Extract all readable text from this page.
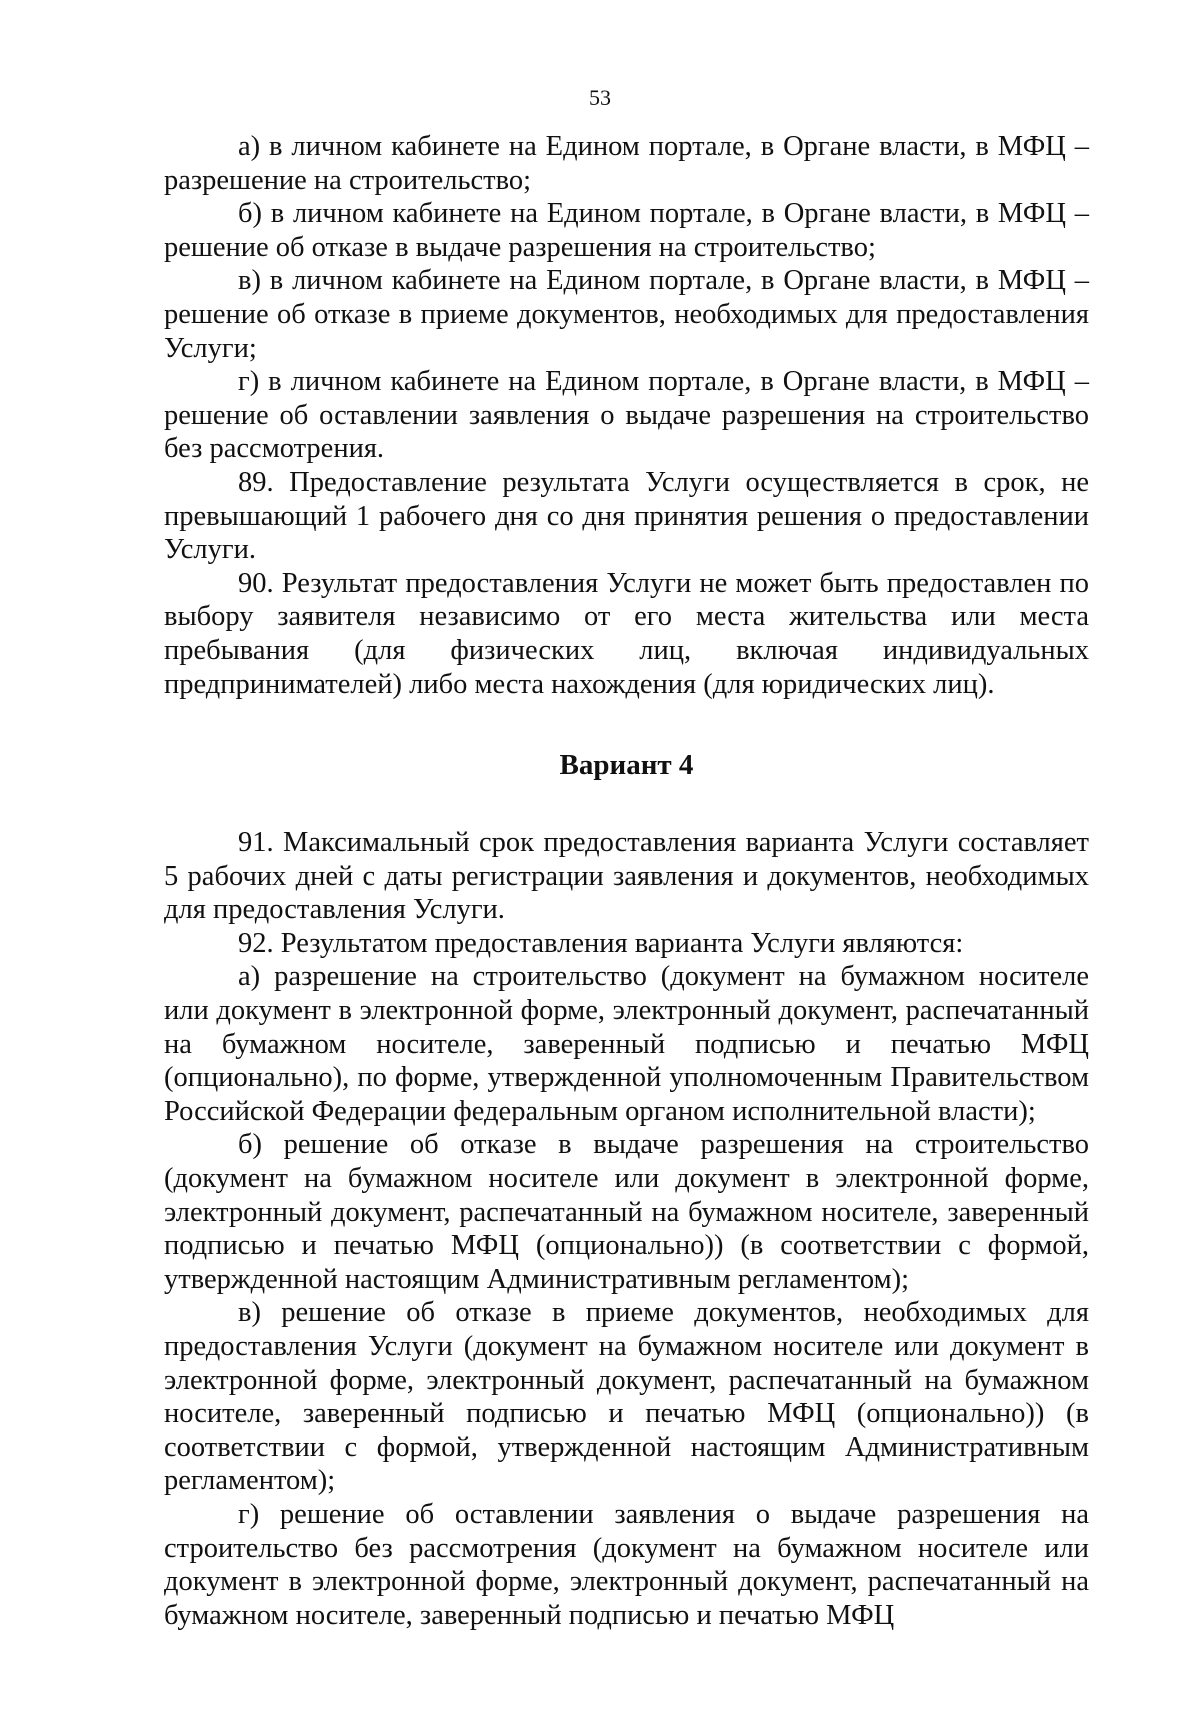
53

а) в личном кабинете на Едином портале, в Органе власти, в МФЦ – разрешение на строительство;

б) в личном кабинете на Едином портале, в Органе власти, в МФЦ – решение об отказе в выдаче разрешения на строительство;

в) в личном кабинете на Едином портале, в Органе власти, в МФЦ – решение об отказе в приеме документов, необходимых для предоставления Услуги;

г) в личном кабинете на Едином портале, в Органе власти, в МФЦ – решение об оставлении заявления о выдаче разрешения на строительство без рассмотрения.

89. Предоставление результата Услуги осуществляется в срок, не превышающий 1 рабочего дня со дня принятия решения о предоставлении Услуги.

90. Результат предоставления Услуги не может быть предоставлен по выбору заявителя независимо от его места жительства или места пребывания (для физических лиц, включая индивидуальных предпринимателей) либо места нахождения (для юридических лиц).

Вариант 4

91. Максимальный срок предоставления варианта Услуги составляет 5 рабочих дней с даты регистрации заявления и документов, необходимых для предоставления Услуги.

92. Результатом предоставления варианта Услуги являются:

а) разрешение на строительство (документ на бумажном носителе или документ в электронной форме, электронный документ, распечатанный на бумажном носителе, заверенный подписью и печатью МФЦ (опционально), по форме, утвержденной уполномоченным Правительством Российской Федерации федеральным органом исполнительной власти);

б) решение об отказе в выдаче разрешения на строительство (документ на бумажном носителе или документ в электронной форме, электронный документ, распечатанный на бумажном носителе, заверенный подписью и печатью МФЦ (опционально)) (в соответствии с формой, утвержденной настоящим Административным регламентом);

в) решение об отказе в приеме документов, необходимых для предоставления Услуги (документ на бумажном носителе или документ в электронной форме, электронный документ, распечатанный на бумажном носителе, заверенный подписью и печатью МФЦ (опционально)) (в соответствии с формой, утвержденной настоящим Административным регламентом);

г) решение об оставлении заявления о выдаче разрешения на строительство без рассмотрения (документ на бумажном носителе или документ в электронной форме, электронный документ, распечатанный на бумажном носителе, заверенный подписью и печатью МФЦ
